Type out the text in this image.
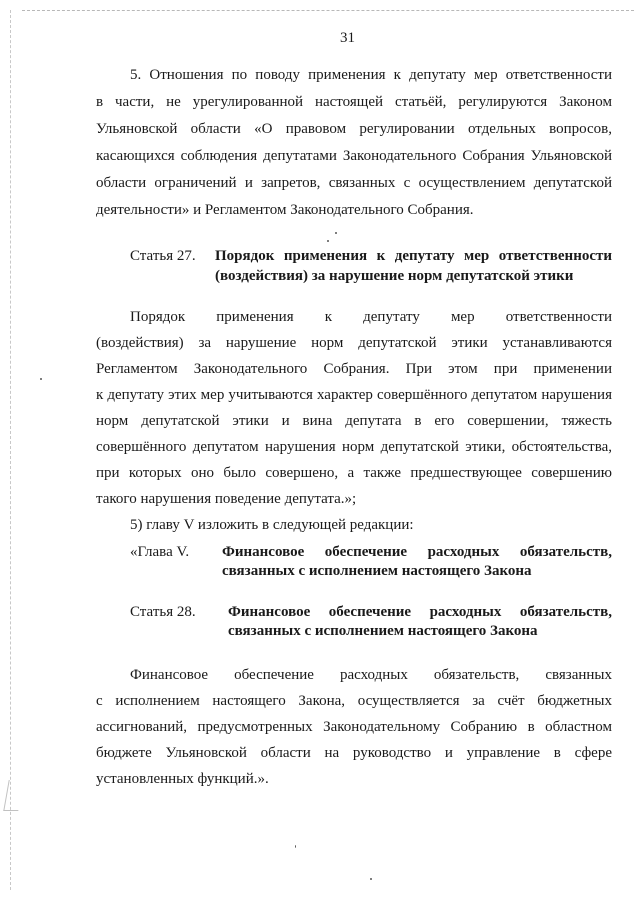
31
5. Отношения по поводу применения к депутату мер ответственности
в части, не урегулированной настоящей статьёй, регулируются Законом
Ульяновской области «О правовом регулировании отдельных вопросов,
касающихся соблюдения депутатами Законодательного Собрания Ульяновской
области ограничений и запретов, связанных с осуществлением депутатской
деятельности» и Регламентом Законодательного Собрания.
Статья 27. Порядок применения к депутату мер ответственности
(воздействия) за нарушение норм депутатской этики
Порядок применения к депутату мер ответственности
(воздействия) за нарушение норм депутатской этики устанавливаются
Регламентом Законодательного Собрания. При этом при применении
к депутату этих мер учитываются характер совершённого депутатом нарушения
норм депутатской этики и вина депутата в его совершении, тяжесть
совершённого депутатом нарушения норм депутатской этики, обстоятельства,
при которых оно было совершено, а также предшествующее совершению
такого нарушения поведение депутата.»;
5) главу V изложить в следующей редакции:
«Глава V. Финансовое обеспечение расходных обязательств,
связанных с исполнением настоящего Закона
Статья 28. Финансовое обеспечение расходных обязательств,
связанных с исполнением настоящего Закона
Финансовое обеспечение расходных обязательств, связанных
с исполнением настоящего Закона, осуществляется за счёт бюджетных
ассигнований, предусмотренных Законодательному Собранию в областном
бюджете Ульяновской области на руководство и управление в сфере
установленных функций.».
